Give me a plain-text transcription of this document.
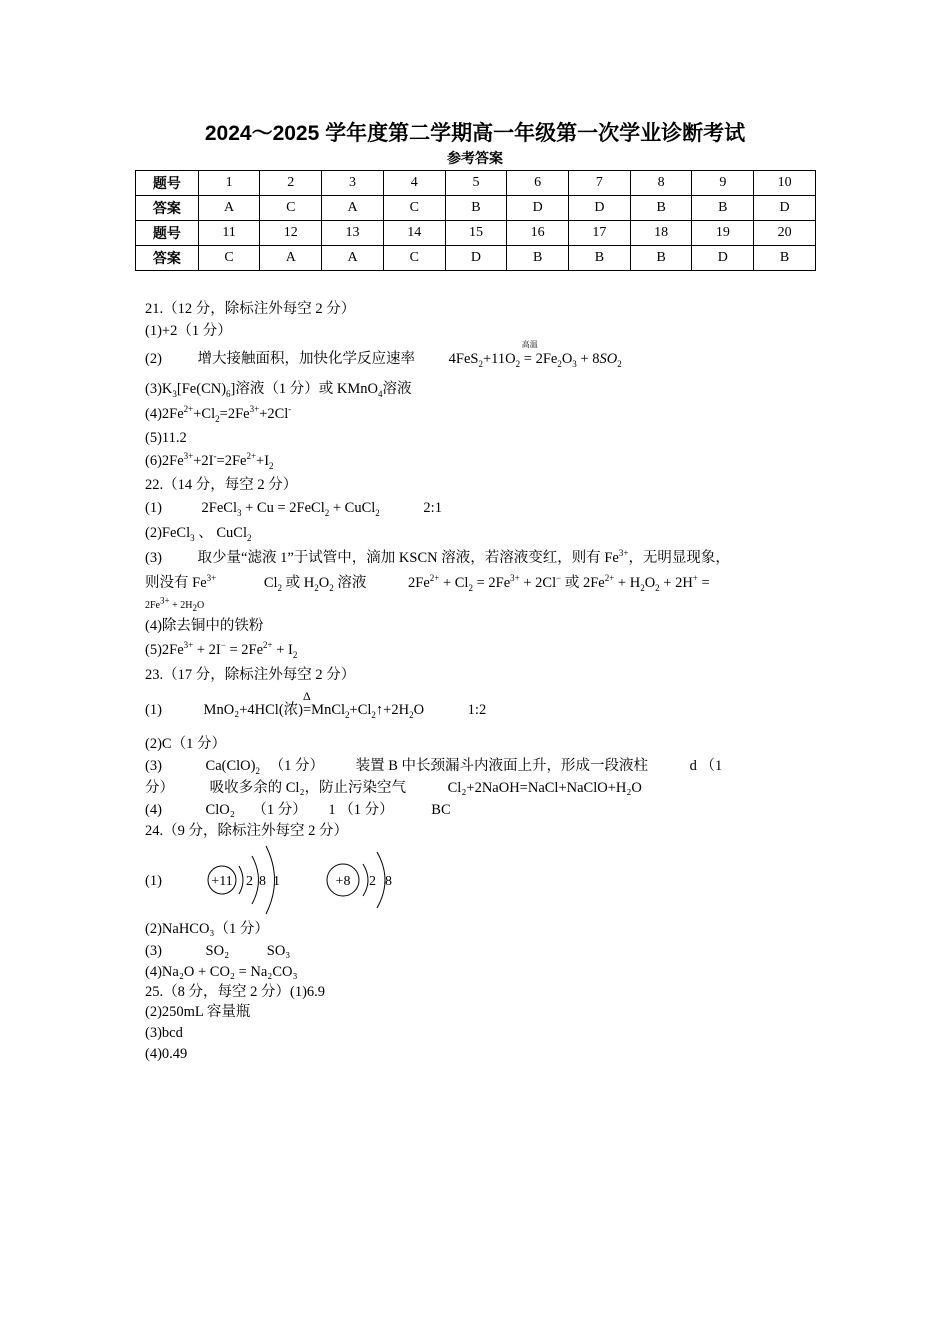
2024～2025 学年度第二学期高一年级第一次学业诊断考试
参考答案
题号	1	2	3	4	5	6	7	8	9	10
答案	A	C	A	C	B	D	D	B	B	D
题号	11	12	13	14	15	16	17	18	19	20
答案	C	A	A	C	D	B	B	B	D	B
21.（12 分，除标注外每空 2 分）
(1)+2（1 分）
(2) 增大接触面积，加快化学反应速率 $4FeS_2+11O_2$
高温
= $2Fe_2O_3 + 8SO_2$
$(3)K_3[Fe(CN)_6]$溶液（1 分）或 KMnO$_4$溶液
$(4)2Fe^{2+}+Cl_2=2Fe^{3+}+2Cl^-$
(5)11.2
$(6)2Fe^{3+}+2I^-=2Fe^{2+}+I_2$
22.（14 分，每空 2 分）
(1)	2FeCl$_3$ + Cu = 2FeCl$_2$ + CuCl$_2$	2:1
(2)FeCl$_3$ 、 CuCl$_2$
(3) 取少量“滤液 1”于试管中，滴加 KSCN 溶液，若溶液变红，则有 $Fe^{3+}$，无明显现象，
则没有 $Fe^{3+}$	$Cl_2$ 或 $H_2O_2$ 溶液	$2Fe^{2+} + Cl_2 = 2Fe^{3+} + 2Cl^-$ 或 $2Fe^{2+} + H_2O_2 + 2H^+$ =
$2Fe^{3+} + 2H_2O$
(4)除去铜中的铁粉
$(5)2Fe^{3+} + 2I^- = 2Fe^{2+} + I_2$
23.（17 分，除标注外每空 2 分）
(1)	MnO₂+4HCl(浓)
Δ
$=MnCl_2+Cl_2↑+2H_2O$	1:2
(2)C（1 分）
(3)	$Ca(ClO)_2$ （1 分） 装置 B 中长颈漏斗内液面上升，形成一段液柱	d （1
分） 吸收多余的 Cl₂，防止污染空气	Cl₂+2NaOH=NaCl+NaClO+H₂O
(4)	ClO₂ （1 分） 1 （1 分）	BC
24.（9 分，除标注外每空 2 分）
(1)	+11 2 8 1	+8 2 8
(2)NaHCO₃（1 分）
(3)	SO₂	SO₃
(4)Na₂O + CO₂ = Na₂CO₃
25.（8 分，每空 2 分）(1)6.9
(2)250mL 容量瓶
(3)bcd
(4)0.49
